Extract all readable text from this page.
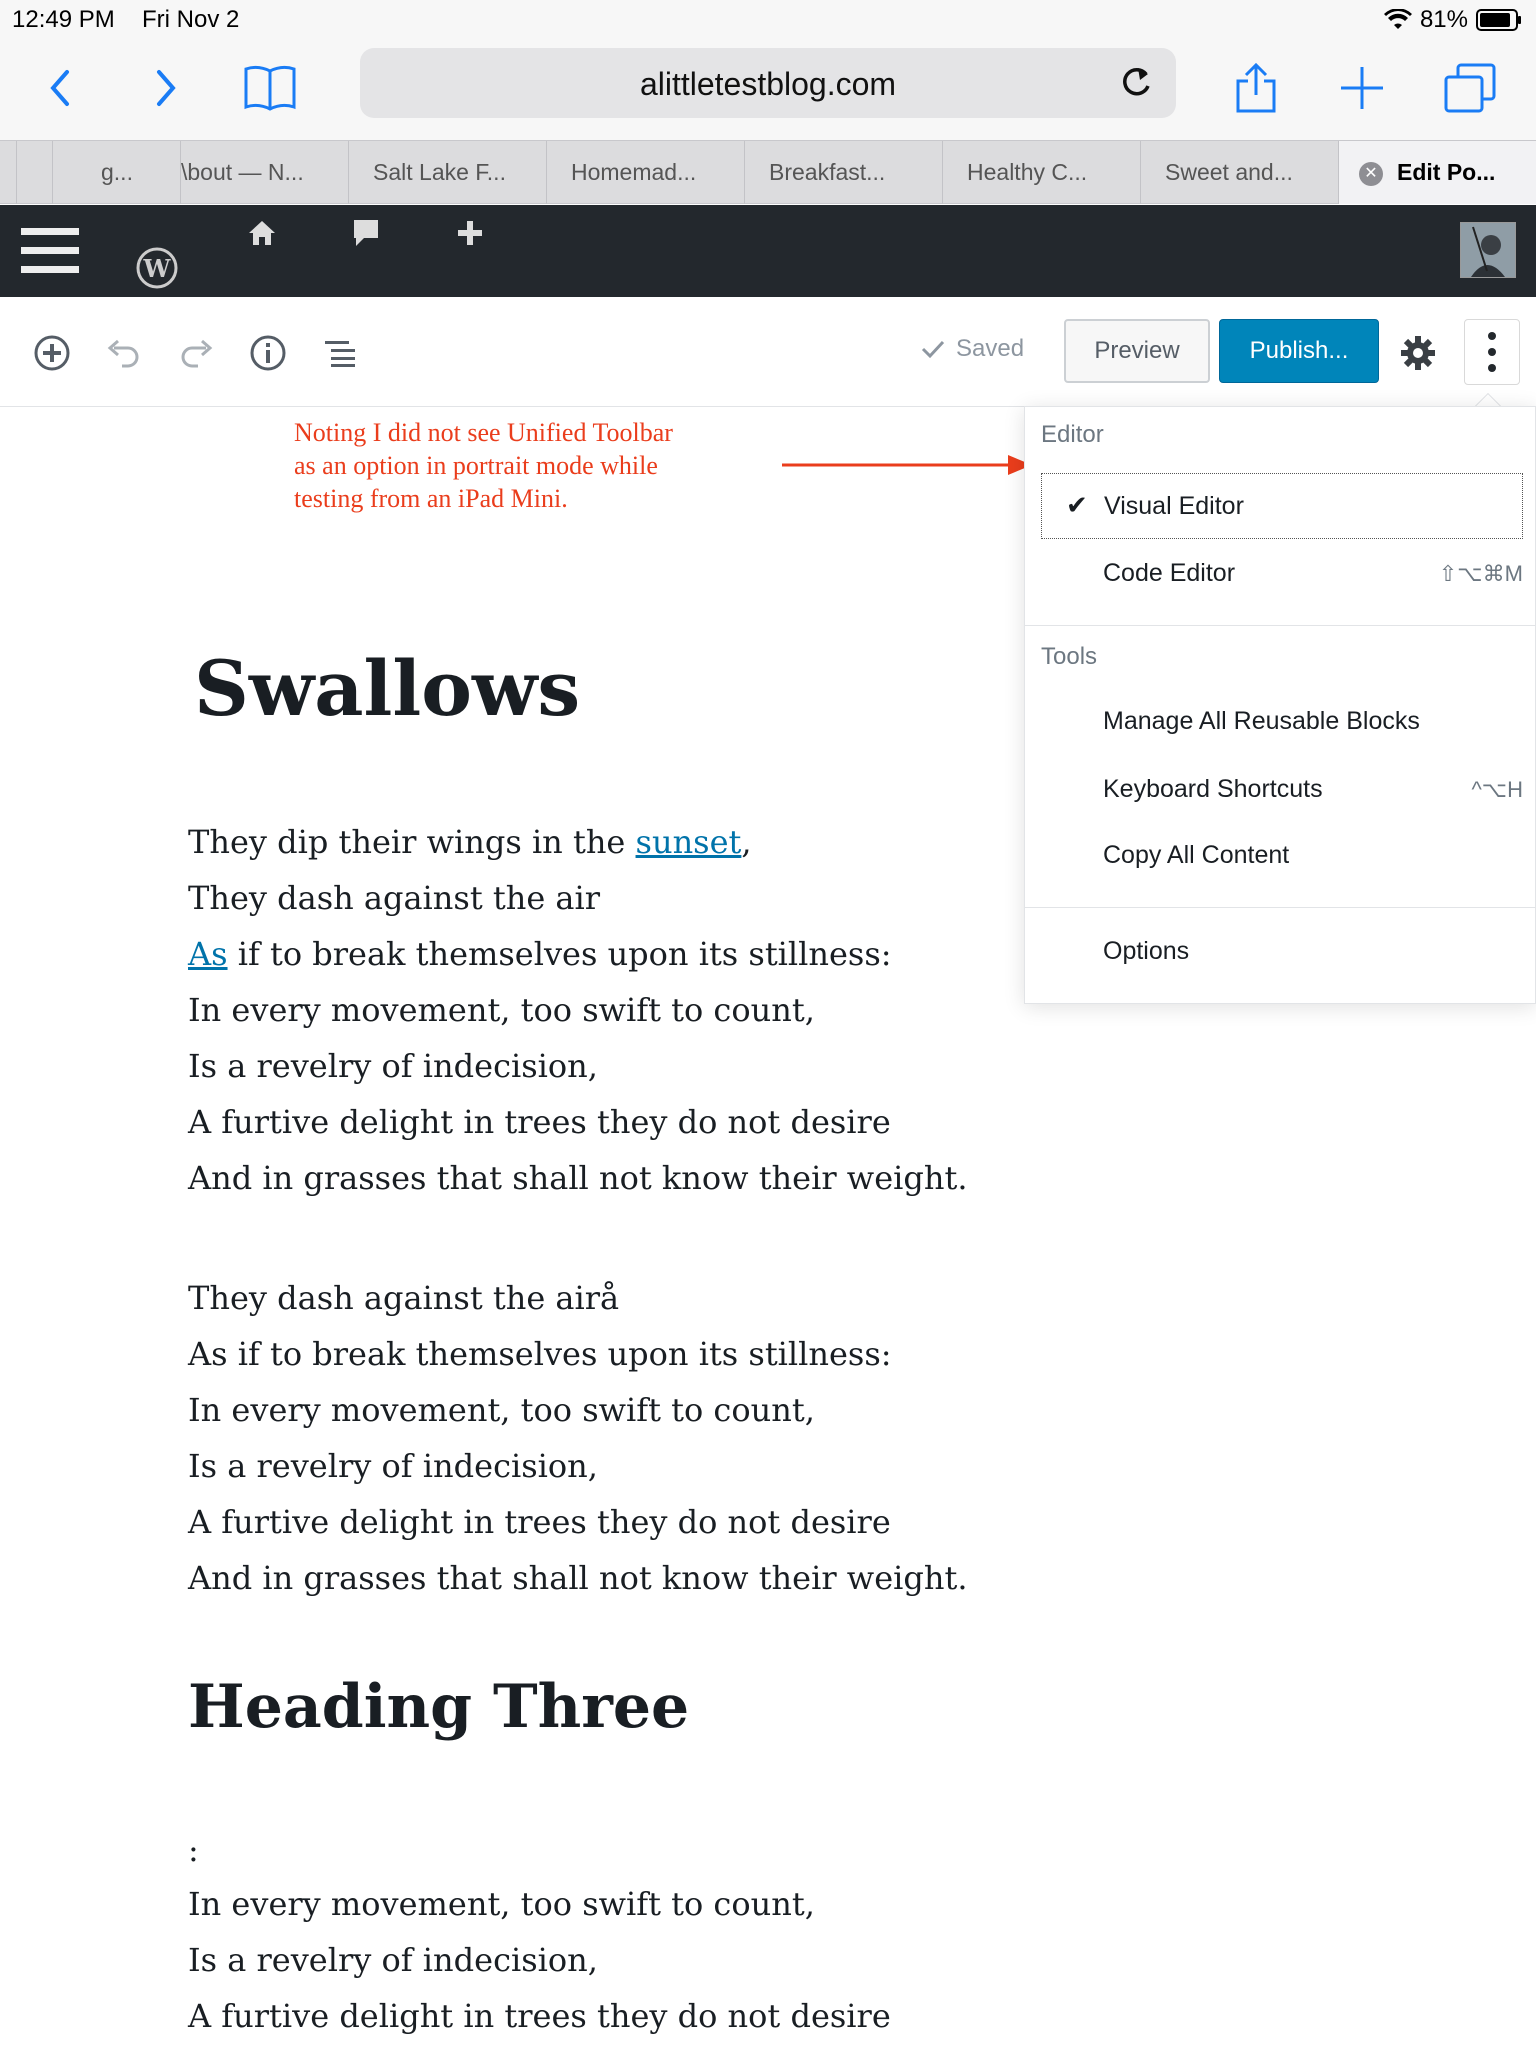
12:49 PM Fri Nov 2	81%
alittletestblog.com
g...	\bout — N...	Salt Lake F...	Homemad...	Breakfast...	Healthy C...	Sweet and...	✕ Edit Po...
W
Saved	Preview	Publish...
Noting I did not see Unified Toolbar
as an option in portrait mode while
testing from an iPad Mini.
Editor
✔ Visual Editor
Code Editor	⇧⌥⌘M
Tools
Manage All Reusable Blocks
Keyboard Shortcuts	^⌥H
Copy All Content
Options
Swallows
They dip their wings in the sunset,
They dash against the air
As if to break themselves upon its stillness:
In every movement, too swift to count,
Is a revelry of indecision,
A furtive delight in trees they do not desire
And in grasses that shall not know their weight.
They dash against the airå
As if to break themselves upon its stillness:
In every movement, too swift to count,
Is a revelry of indecision,
A furtive delight in trees they do not desire
And in grasses that shall not know their weight.
Heading Three
:
In every movement, too swift to count,
Is a revelry of indecision,
A furtive delight in trees they do not desire
